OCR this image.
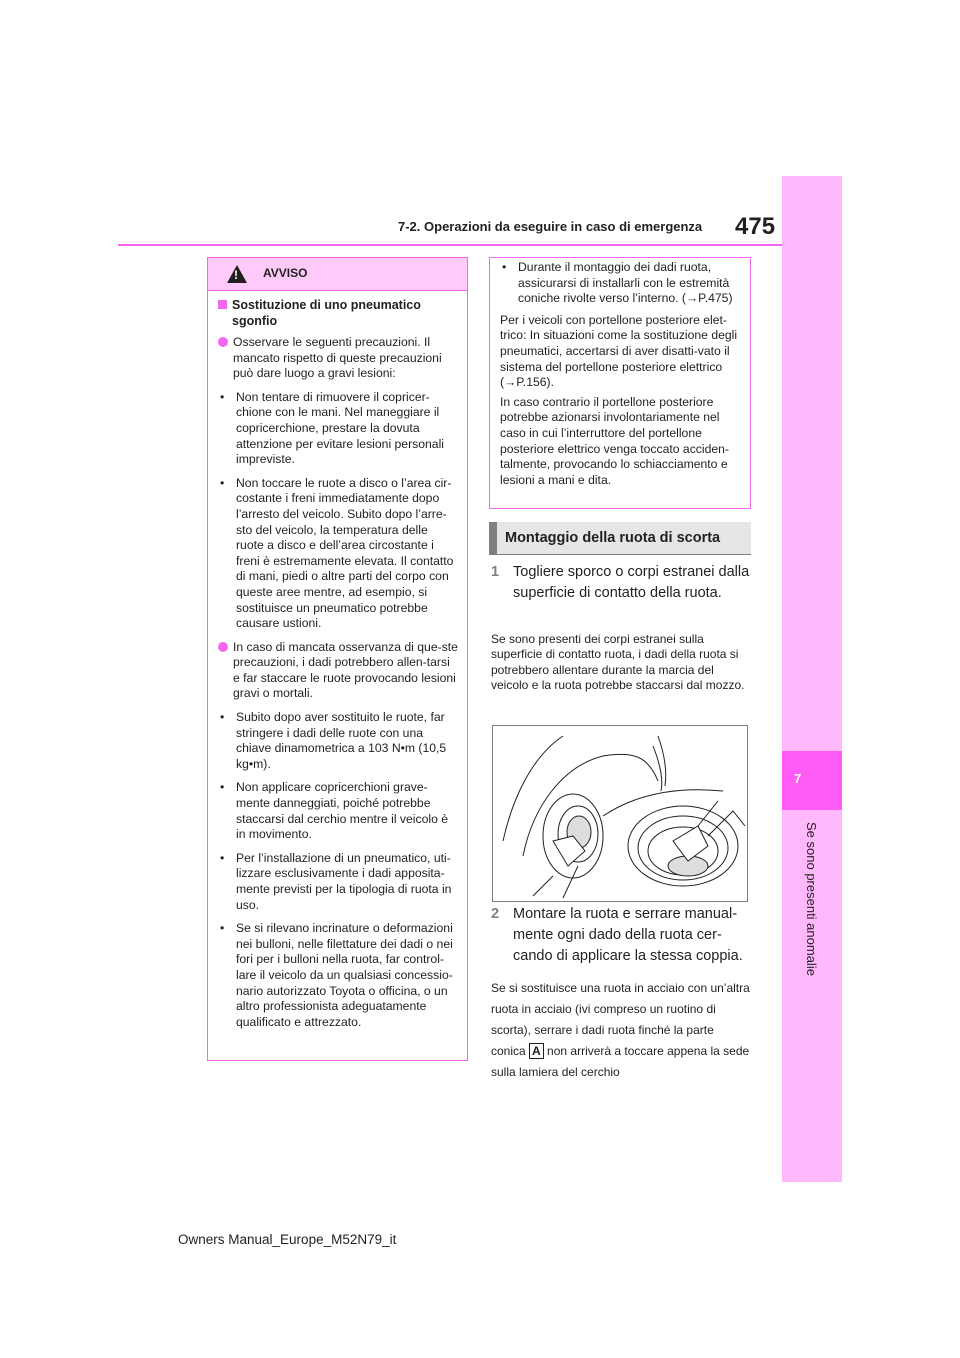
7
Se sono presenti anomalie
7-2. Operazioni da eseguire in caso di emergenza 475
!
AVVISO
Sostituzione di uno pneumatico sgonfio
Osservare le seguenti precauzioni. Il mancato rispetto di queste precauzioni può dare luogo a gravi lesioni:
• Non tentare di rimuovere il copricer-chione con le mani. Nel maneggiare il copricerchione, prestare la dovuta attenzione per evitare lesioni personali impreviste.
• Non toccare le ruote a disco o l’area cir-costante i freni immediatamente dopo l’arresto del veicolo. Subito dopo l’arre-sto del veicolo, la temperatura delle ruote a disco e dell’area circostante i freni è estremamente elevata. Il contatto di mani, piedi o altre parti del corpo con queste aree mentre, ad esempio, si sostituisce un pneumatico potrebbe causare ustioni.
In caso di mancata osservanza di que-ste precauzioni, i dadi potrebbero allen-tarsi e far staccare le ruote provocando lesioni gravi o mortali.
• Subito dopo aver sostituito le ruote, far stringere i dadi delle ruote con una chiave dinamometrica a 103 N•m (10,5 kg•m).
• Non applicare copricerchioni grave-mente danneggiati, poiché potrebbe staccarsi dal cerchio mentre il veicolo è in movimento.
• Per l’installazione di un pneumatico, uti-lizzare esclusivamente i dadi apposita-mente previsti per la tipologia di ruota in uso.
• Se si rilevano incrinature o deformazioni nei bulloni, nelle filettature dei dadi o nei fori per i bulloni nella ruota, far control-lare il veicolo da un qualsiasi concessio-nario autorizzato Toyota o officina, o un altro professionista adeguatamente qualificato e attrezzato.
• Durante il montaggio dei dadi ruota, assicurarsi di installarli con le estremità coniche rivolte verso l’interno. (→P.475)

Per i veicoli con portellone posteriore elet-trico: In situazioni come la sostituzione degli pneumatici, accertarsi di aver disatti-vato il sistema del portellone posteriore elettrico (→P.156).

In caso contrario il portellone posteriore potrebbe azionarsi involontariamente nel caso in cui l’interruttore del portellone posteriore elettrico venga toccato acciden-talmente, provocando lo schiacciamento e lesioni a mani e dita.

Montaggio della ruota di scorta
1 Togliere sporco o corpi estranei dalla superficie di contatto della ruota.
Se sono presenti dei corpi estranei sulla superficie di contatto ruota, i dadi della ruota si potrebbero allentare durante la marcia del veicolo e la ruota potrebbe staccarsi dal mozzo.
2 Montare la ruota e serrare manual-mente ogni dado della ruota cer-cando di applicare la stessa coppia.
Se si sostituisce una ruota in acciaio con un’altra ruota in acciaio (ivi compreso un ruotino di scorta), serrare i dadi ruota finché la parte conica A non arriverà a toccare appena la sede sulla lamiera del cerchio
Owners Manual_Europe_M52N79_it
